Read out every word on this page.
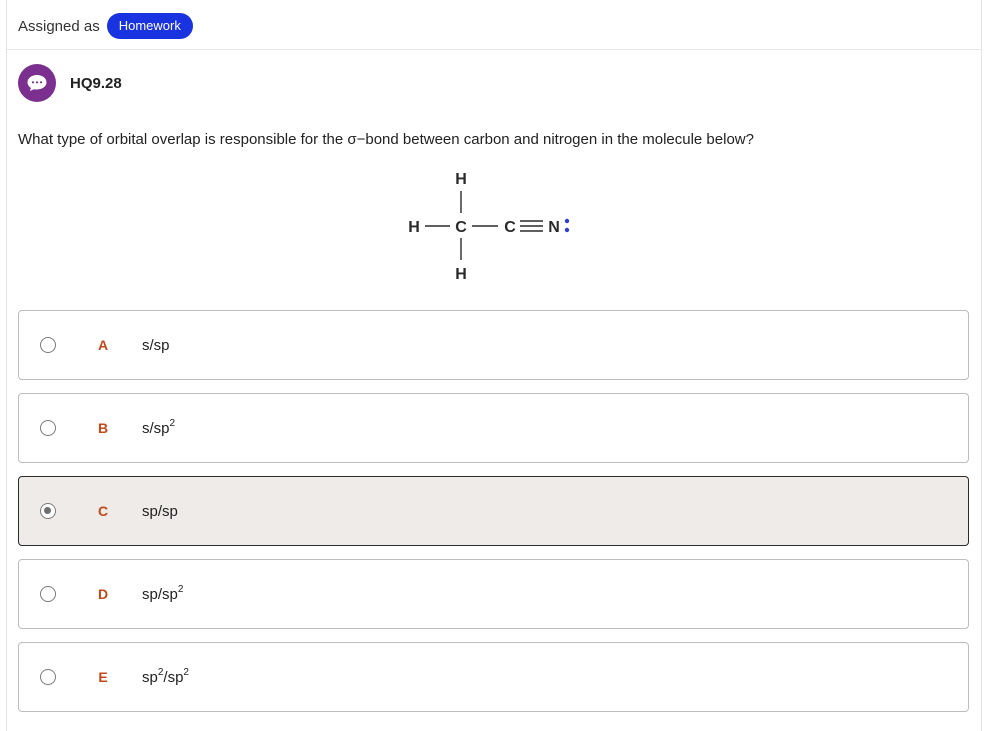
Assigned as	Homework
HQ9.28
What type of orbital overlap is responsible for the σ−bond between carbon and nitrogen in the molecule below?
H
H C C N
H
A s/sp
B $s/sp^2$
C sp/sp
D $sp/sp^2$
E $sp^2/sp^2$
